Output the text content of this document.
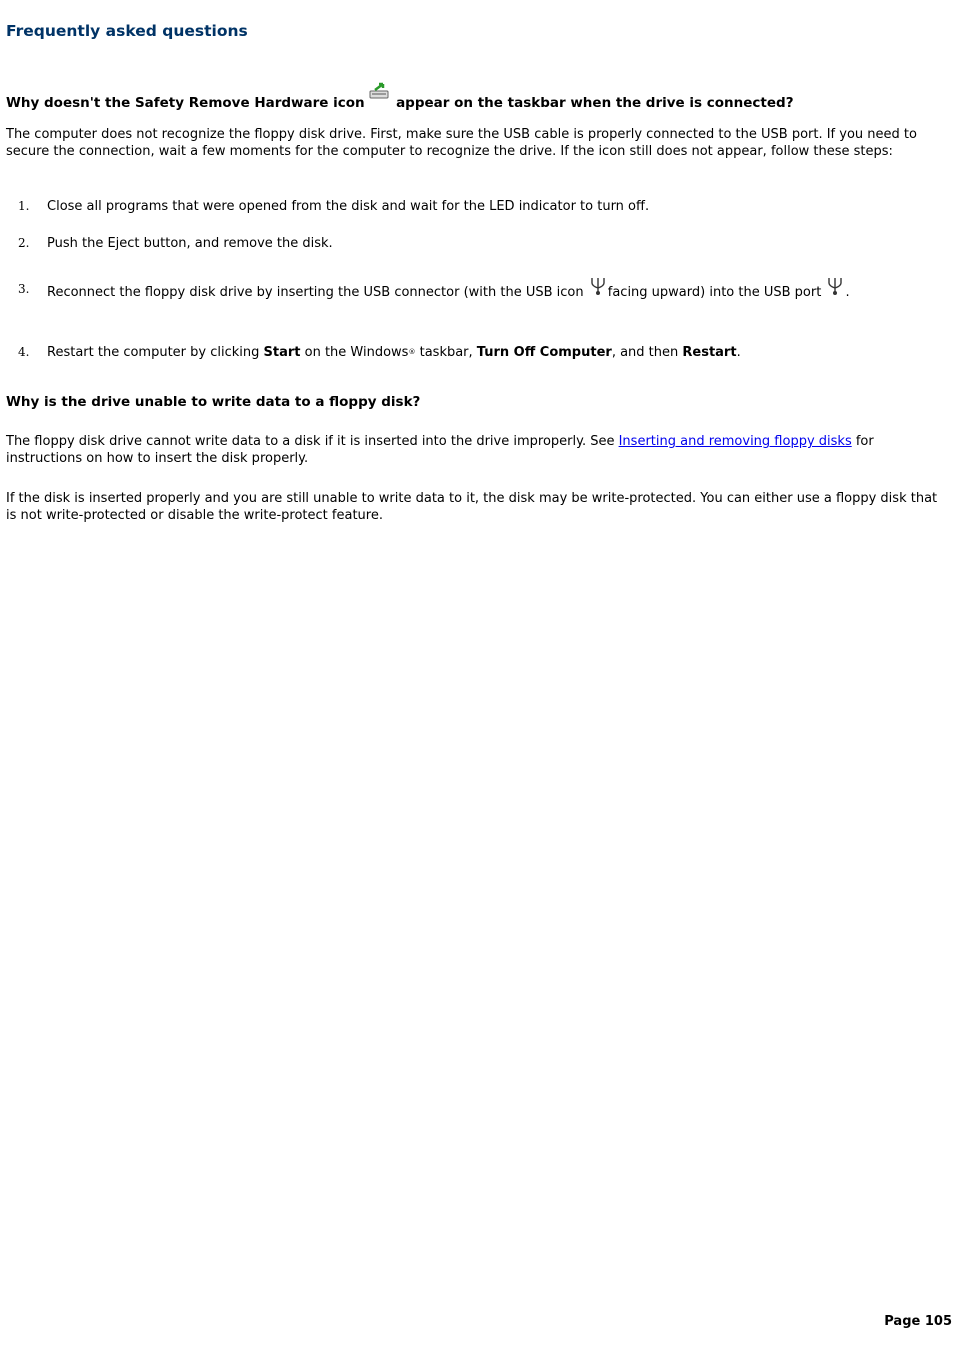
Frequently asked questions
Why doesn't the Safety Remove Hardware icon appear on the taskbar when the drive is connected?

The computer does not recognize the floppy disk drive. First, make sure the USB cable is properly connected to the USB port. If you need to secure the connection, wait a few moments for the computer to recognize the drive. If the icon still does not appear, follow these steps:

1. Close all programs that were opened from the disk and wait for the LED indicator to turn off.
2. Push the Eject button, and remove the disk.
3. Reconnect the floppy disk drive by inserting the USB connector (with the USB icon facing upward) into the USB port .
4. Restart the computer by clicking Start on the Windows® taskbar, Turn Off Computer, and then Restart.
Why is the drive unable to write data to a floppy disk?

The floppy disk drive cannot write data to a disk if it is inserted into the drive improperly. See Inserting and removing floppy disks for instructions on how to insert the disk properly.

If the disk is inserted properly and you are still unable to write data to it, the disk may be write-protected. You can either use a floppy disk that is not write-protected or disable the write-protect feature.

Page 105
